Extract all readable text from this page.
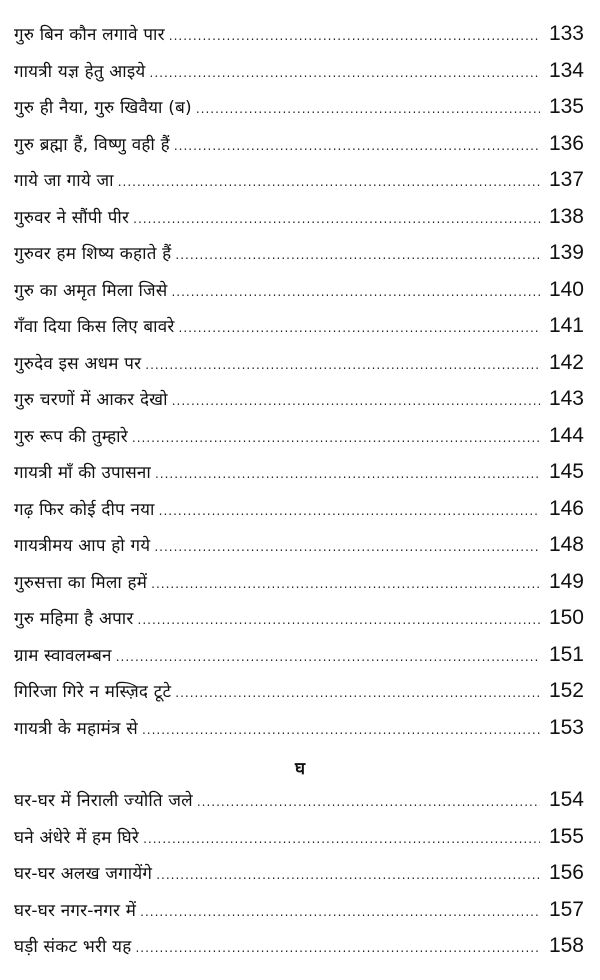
गुरु बिन कौन लगावे पार .....	133
गायत्री यज्ञ हेतु आइये .....	134
गुरु ही नैया, गुरु खिवैया (ब) .....	135
गुरु ब्रह्मा हैं, विष्णु वही हैं .....	136
गाये जा गाये जा .....	137
गुरुवर ने सौंपी पीर .....	138
गुरुवर हम शिष्य कहाते हैं .....	139
गुरु का अमृत मिला जिसे .....	140
गँवा दिया किस लिए बावरे .....	141
गुरुदेव इस अधम पर .....	142
गुरु चरणों में आकर देखो .....	143
गुरु रूप की तुम्हारे .....	144
गायत्री माँ की उपासना .....	145
गढ़ फिर कोई दीप नया .....	146
गायत्रीमय आप हो गये .....	148
गुरुसत्ता का मिला हमें .....	149
गुरु महिमा है अपार .....	150
ग्राम स्वावलम्बन .....	151
गिरिजा गिरे न मस्ज़िद टूटे .....	152
गायत्री के महामंत्र से .....	153
घ
घर-घर में निराली ज्योति जले .....	154
घने अंधेरे में हम घिरे .....	155
घर-घर अलख जगायेंगे .....	156
घर-घर नगर-नगर में .....	157
घड़ी संकट भरी यह .....	158
